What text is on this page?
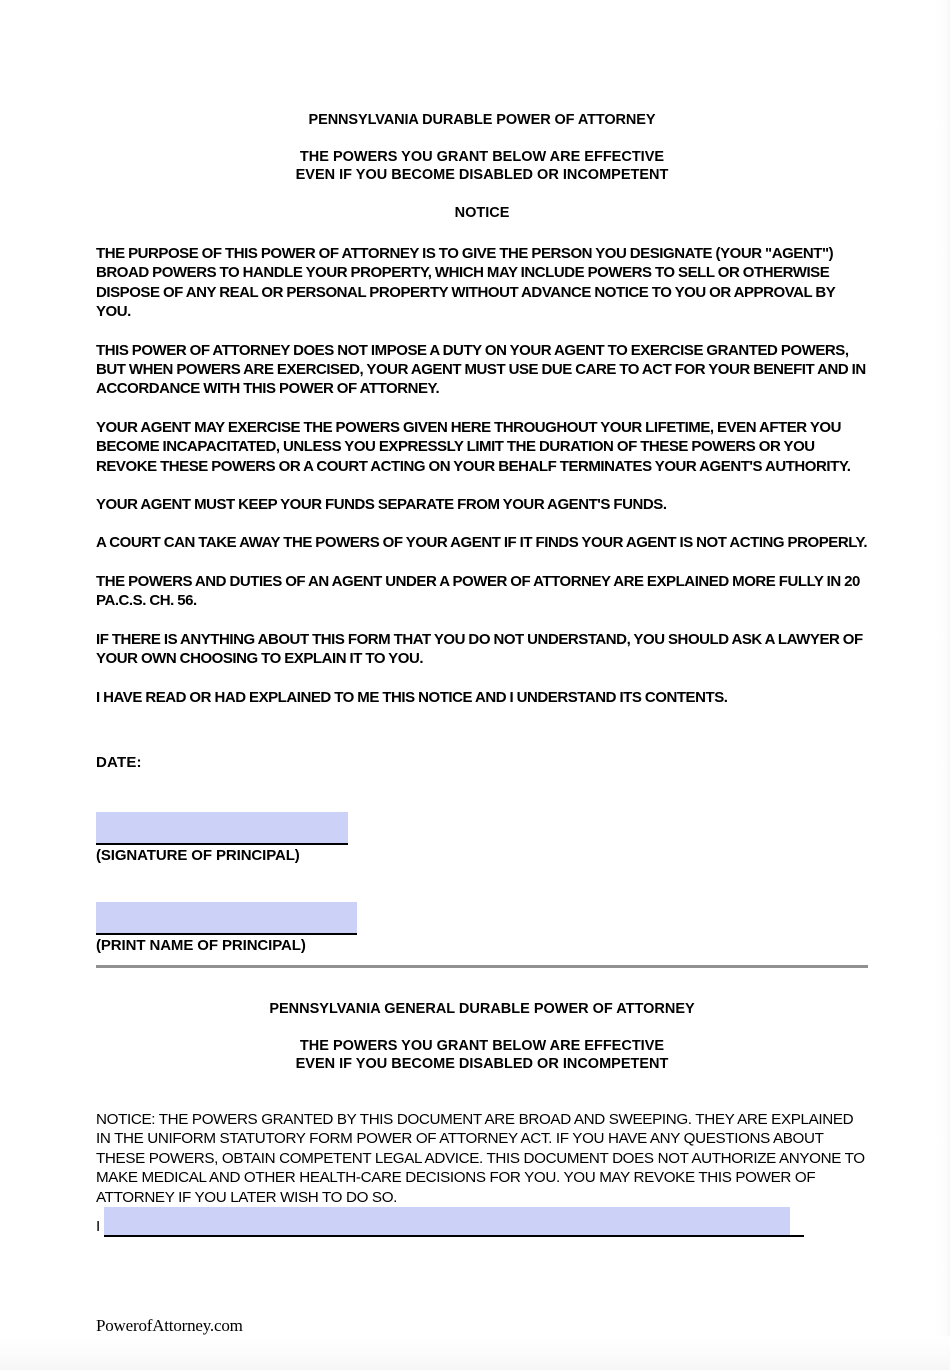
PENNSYLVANIA DURABLE POWER OF ATTORNEY
THE POWERS YOU GRANT BELOW ARE EFFECTIVE
EVEN IF YOU BECOME DISABLED OR INCOMPETENT
NOTICE

THE PURPOSE OF THIS POWER OF ATTORNEY IS TO GIVE THE PERSON YOU DESIGNATE (YOUR "AGENT") BROAD POWERS TO HANDLE YOUR PROPERTY, WHICH MAY INCLUDE POWERS TO SELL OR OTHERWISE DISPOSE OF ANY REAL OR PERSONAL PROPERTY WITHOUT ADVANCE NOTICE TO YOU OR APPROVAL BY YOU.

THIS POWER OF ATTORNEY DOES NOT IMPOSE A DUTY ON YOUR AGENT TO EXERCISE GRANTED POWERS, BUT WHEN POWERS ARE EXERCISED, YOUR AGENT MUST USE DUE CARE TO ACT FOR YOUR BENEFIT AND IN ACCORDANCE WITH THIS POWER OF ATTORNEY.

YOUR AGENT MAY EXERCISE THE POWERS GIVEN HERE THROUGHOUT YOUR LIFETIME, EVEN AFTER YOU BECOME INCAPACITATED, UNLESS YOU EXPRESSLY LIMIT THE DURATION OF THESE POWERS OR YOU REVOKE THESE POWERS OR A COURT ACTING ON YOUR BEHALF TERMINATES YOUR AGENT'S AUTHORITY.

YOUR AGENT MUST KEEP YOUR FUNDS SEPARATE FROM YOUR AGENT'S FUNDS.

A COURT CAN TAKE AWAY THE POWERS OF YOUR AGENT IF IT FINDS YOUR AGENT IS NOT ACTING PROPERLY.

THE POWERS AND DUTIES OF AN AGENT UNDER A POWER OF ATTORNEY ARE EXPLAINED MORE FULLY IN 20 PA.C.S. CH. 56.

IF THERE IS ANYTHING ABOUT THIS FORM THAT YOU DO NOT UNDERSTAND, YOU SHOULD ASK A LAWYER OF YOUR OWN CHOOSING TO EXPLAIN IT TO YOU.

I HAVE READ OR HAD EXPLAINED TO ME THIS NOTICE AND I UNDERSTAND ITS CONTENTS.

DATE:
(SIGNATURE OF PRINCIPAL)
(PRINT NAME OF PRINCIPAL)
PENNSYLVANIA GENERAL DURABLE POWER OF ATTORNEY
THE POWERS YOU GRANT BELOW ARE EFFECTIVE
EVEN IF YOU BECOME DISABLED OR INCOMPETENT

NOTICE: THE POWERS GRANTED BY THIS DOCUMENT ARE BROAD AND SWEEPING. THEY ARE EXPLAINED IN THE UNIFORM STATUTORY FORM POWER OF ATTORNEY ACT. IF YOU HAVE ANY QUESTIONS ABOUT THESE POWERS, OBTAIN COMPETENT LEGAL ADVICE. THIS DOCUMENT DOES NOT AUTHORIZE ANYONE TO MAKE MEDICAL AND OTHER HEALTH-CARE DECISIONS FOR YOU. YOU MAY REVOKE THIS POWER OF ATTORNEY IF YOU LATER WISH TO DO SO.

I
PowerofAttorney.com
